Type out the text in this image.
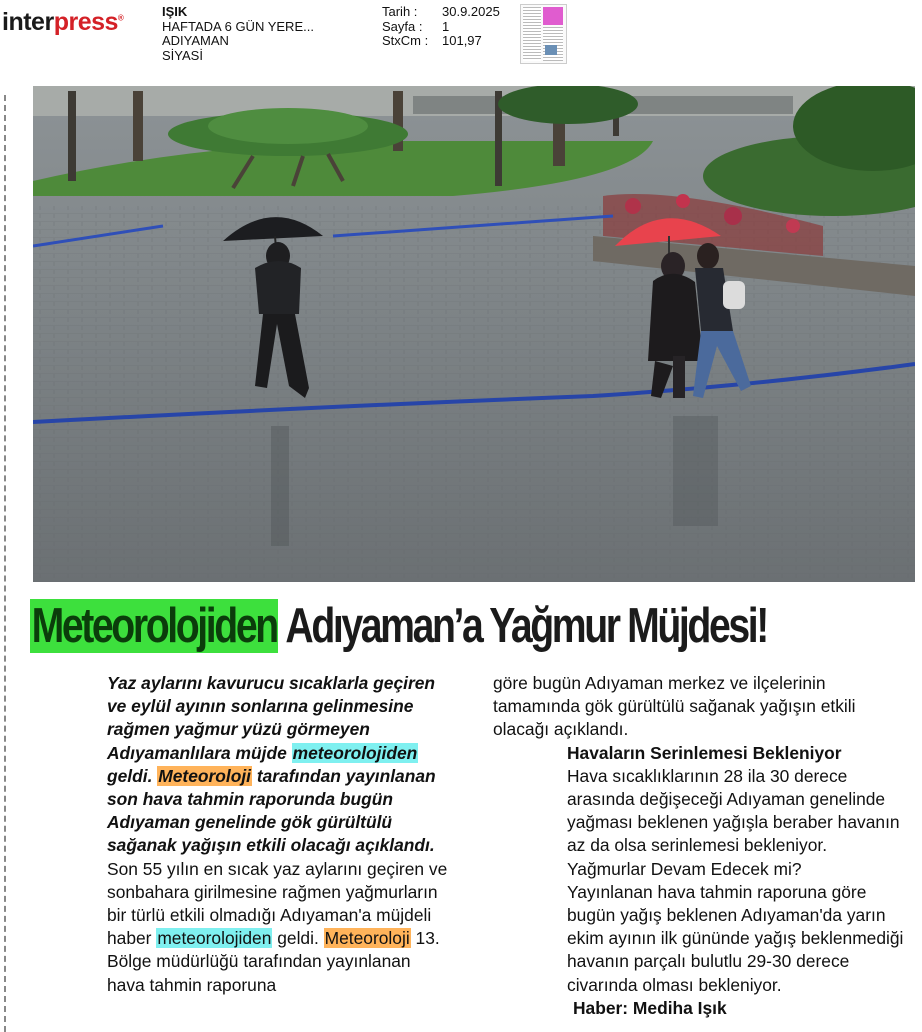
interpress®	IŞIK
HAFTADA 6 GÜN YERE...
ADIYAMAN
SİYASİ
Tarih :	30.9.2025
Sayfa :	1
StxCm :	101,97
Meteorolojiden Adıyaman’a Yağmur Müjdesi!

Yaz aylarını kavurucu sıcaklarla geçiren ve eylül ayının sonlarına gelinmesine rağmen yağmur yüzü görmeyen Adıyamanlılara müjde meteorolojiden geldi. Meteoroloji tarafından yayınlanan son hava tahmin raporunda bugün Adıyaman genelinde gök gürültülü sağanak yağışın etkili olacağı açıklandı.

Son 55 yılın en sıcak yaz aylarını geçiren ve sonbahara girilmesine rağmen yağmurların bir türlü etkili olmadığı Adıyaman'a müjdeli haber meteorolojiden geldi. Meteoroloji 13. Bölge müdürlüğü tarafından yayınlanan hava tahmin raporuna

göre bugün Adıyaman merkez ve ilçelerinin tamamında gök gürültülü sağanak yağışın etkili olacağı açıklandı.

Havaların Serinlemesi Bekleniyor

Hava sıcaklıklarının 28 ila 30 derece arasında değişeceği Adıyaman genelinde yağması beklenen yağışla beraber havanın az da olsa serinlemesi bekleniyor.

Yağmurlar Devam Edecek mi?

Yayınlanan hava tahmin raporuna göre bugün yağış beklenen Adıyaman'da yarın ekim ayının ilk gününde yağış beklenmediği havanın parçalı bulutlu 29-30 derece civarında olması bekleniyor.

Haber: Mediha Işık
